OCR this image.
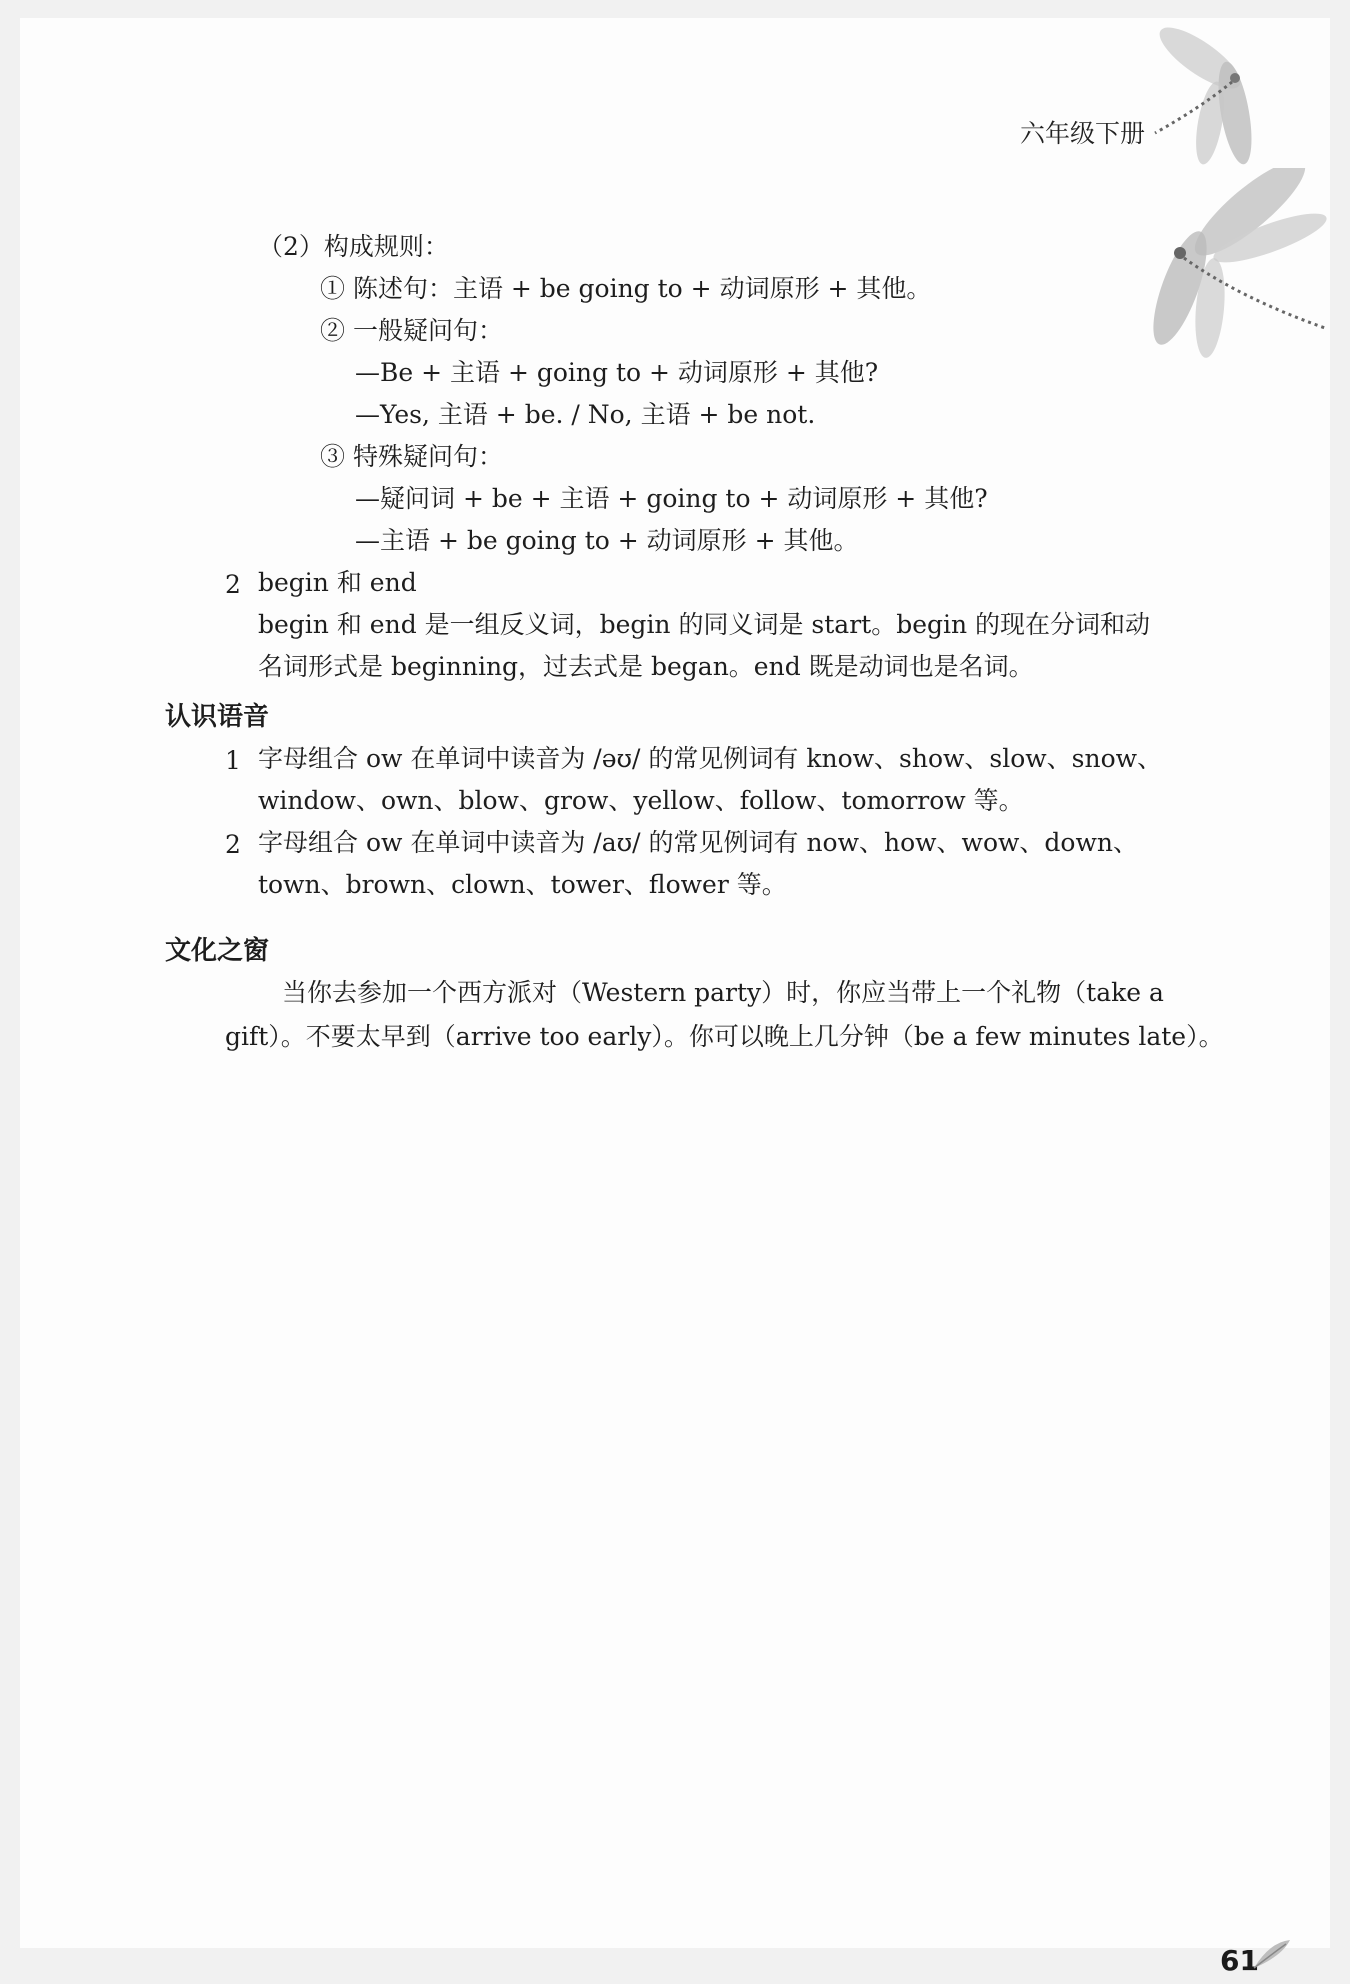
六年级下册
（2）构成规则：
① 陈述句：主语 + be going to + 动词原形 + 其他。
② 一般疑问句：
—Be + 主语 + going to + 动词原形 + 其他?
—Yes, 主语 + be. / No, 主语 + be not.
③ 特殊疑问句：
—疑问词 + be + 主语 + going to + 动词原形 + 其他?
—主语 + be going to + 动词原形 + 其他。
2 begin 和 end
begin 和 end 是一组反义词，begin 的同义词是 start。begin 的现在分词和动
名词形式是 beginning，过去式是 began。end 既是动词也是名词。
认识语音
1 字母组合 ow 在单词中读音为 /əʊ/ 的常见例词有 know、show、slow、snow、
window、own、blow、grow、yellow、follow、tomorrow 等。
2 字母组合 ow 在单词中读音为 /aʊ/ 的常见例词有 now、how、wow、down、
town、brown、clown、tower、flower 等。
文化之窗
当你去参加一个西方派对（Western party）时，你应当带上一个礼物（take a
gift）。不要太早到（arrive too early）。你可以晚上几分钟（be a few minutes late）。
61
